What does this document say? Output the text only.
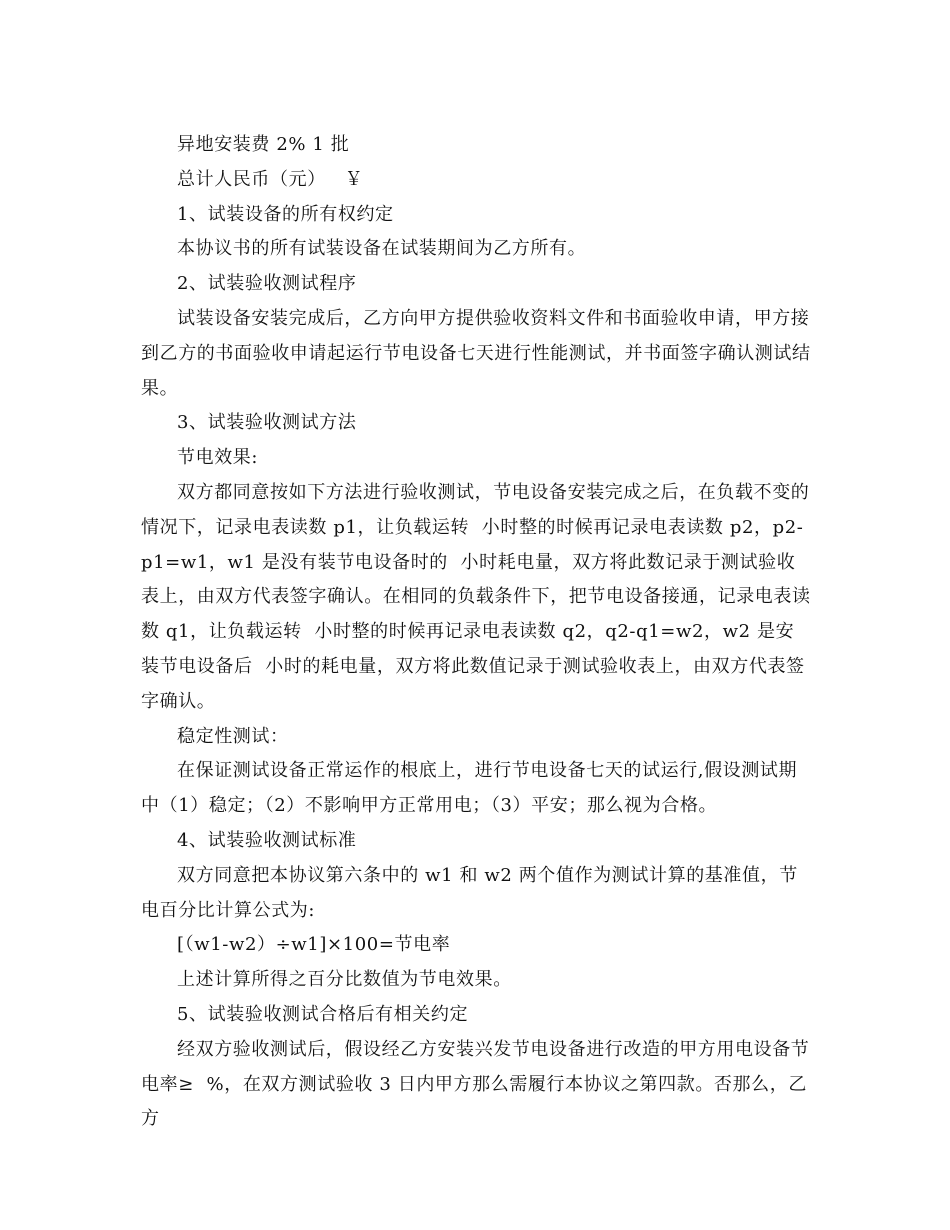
异地安装费 2% 1 批

总计人民币（元）   ￥

1、试装设备的所有权约定

本协议书的所有试装设备在试装期间为乙方所有。

2、试装验收测试程序

试装设备安装完成后，乙方向甲方提供验收资料文件和书面验收申请，甲方接到乙方的书面验收申请起运行节电设备七天进行性能测试，并书面签字确认测试结果。

3、试装验收测试方法

节电效果:

双方都同意按如下方法进行验收测试，节电设备安装完成之后，在负载不变的情况下，记录电表读数 p1，让负载运转  小时整的时候再记录电表读数 p2，p2-p1=w1，w1 是没有装节电设备时的  小时耗电量，双方将此数记录于测试验收表上，由双方代表签字确认。在相同的负载条件下，把节电设备接通，记录电表读数 q1，让负载运转  小时整的时候再记录电表读数 q2，q2-q1=w2，w2 是安装节电设备后  小时的耗电量，双方将此数值记录于测试验收表上，由双方代表签字确认。

稳定性测试：

在保证测试设备正常运作的根底上，进行节电设备七天的试运行,假设测试期中（1）稳定；（2）不影响甲方正常用电；（3）平安；那么视为合格。

4、试装验收测试标准

双方同意把本协议第六条中的 w1 和 w2 两个值作为测试计算的基准值，节电百分比计算公式为:

[（w1-w2）÷w1]×100=节电率

上述计算所得之百分比数值为节电效果。

5、试装验收测试合格后有相关约定

经双方验收测试后，假设经乙方安装兴发节电设备进行改造的甲方用电设备节电率≥  %，在双方测试验收 3 日内甲方那么需履行本协议之第四款。否那么，乙方
